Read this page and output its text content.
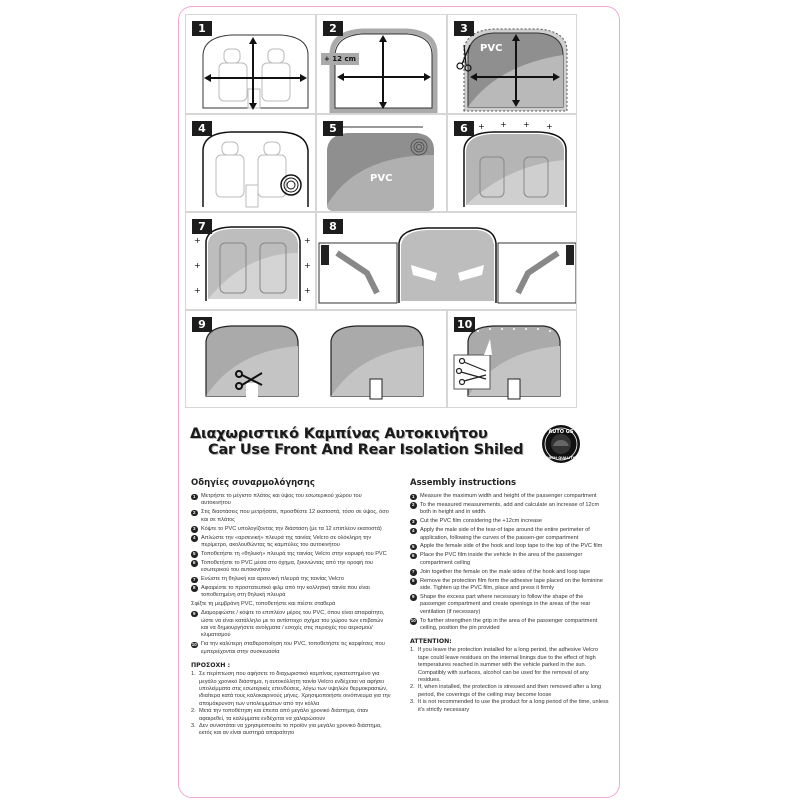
1	2
+ 12 cm
3
PVC
4	5
PVC
+ + + +
6
+
+
+
+
+
+
7	8
9	10
Διαχωριστικό Καμπίνας Αυτοκινήτου
Car Use Front And Rear Isolation Shiled
AUTO GS
HIGH QUALITY
Οδηγίες συναρμολόγησης
1 Μετρήστε το μέγιστο πλάτος και ύψος του εσωτερικού χώρου του αυτοκινήτου
2 Στις διαστάσεις που μετρήσατε, προσθέστε 12 εκατοστά, τόσο σε ύψος, όσο και σε πλάτος
3 Κόψτε το PVC υπολογίζοντας την διάσταση (με τα 12 επιπλέον εκατοστά)
4 Απλώστε την «αρσενική» πλευρά της ταινίας Velcro σε ολόκληρη την περίμετρο, ακολουθώντας τις καμπύλες του αυτοκινήτου
5 Τοποθετήστε τη «θηλυκή» πλευρά της ταινίας Velcro στην κορυφή του PVC
6 Τοποθετήστε το PVC μέσα στο όχημα, ξεκινώντας από την οροφή του εσωτερικού του αυτοκινήτου
7 Ενώστε τη θηλυκή και αρσενική πλευρά της ταινίας Velcro
8 Αφαιρέστε το προστατευτικό φιλμ από την κολλητική ταινία που είναι τοποθετημένη στη θηλυκή πλευρά
Σφίξτε τη μεμβράνη PVC, τοποθετήστε και πιέστε σταθερά
9 Διαμορφώστε / κόψτε το επιπλέον μέρος του PVC, όπου είναι απαραίτητο, ώστε να είναι κατάλληλο με το αντίστοιχο σχήμα του χώρου των επιβατών και να δημιουργήσετε ανοίγματα / εσοχές στις περιοχές του αερισμού/κλιματισμού
10 Για την καλύτερη σταθεροποίηση του PVC, τοποθετήστε τις καρφίτσες που εμπεριέχονται στην συσκευασία
ΠΡΟΣΟΧΗ :
1. Σε περίπτωση που αφήσετε το διαχωριστικό καμπίνας εγκατεστημένο για μεγάλο χρονικό διάστημα, η αυτοκόλλητη ταινία Velcro ενδέχεται να αφήσει υπολείμματα στις εσωτερικές επενδύσεις, λόγω των υψηλών θερμοκρασιών, ιδιαίτερα κατά τους καλοκαιρινούς μήνες. Χρησιμοποιήστε οινόπνευμα για την απομάκρυνση των υπολειμμάτων από την κόλλα
2. Μετά την τοποθέτηση και έπειτα από μεγάλο χρονικό διάστημα, όταν αφαιρεθεί, τα καλύμματα ενδέχεται να χαλαρώσουν
3. Δεν συνιστάται να χρησιμοποιείτε το προϊόν για μεγάλο χρονικό διάστημα, εκτός και αν είναι αυστηρά απαραίτητο
Assembly instructions
1 Measure the maximum width and height of the passenger compartment
2 To the measured measurements, add and calculate an increase of 12cm both in height and in width.
3 Cut the PVC film considering the +12cm increase
4 Apply the male side of the tear-of tape around the entire perimeter of application, following the curves of the passen-ger compartment
5 Apple the female side of the hook and loop tape to the top of the PVC film
6 Place the PVC film inside the vehicle in the area of the passenger compartment ceiling
7 Join together the female on the male sides of the hook and loop tape
8 Remove the protection film form the adhesive tape placed on the feminine side. Tighten up the PVC film, place and press it firmly
9 Shape the excess part where necessary to follow the shape of the passenger compartment and create openings in the areas of the rear ventilation (if necessary)
10 To further strengthen the grip in the area of the passenger compartment ceiling, position the pin provided
ATTENTION:
1. If you leave the protection installed for a long period, the adhesive Velcro tape could leave residues on the internal linings due to the effect of high temperatures reached in summer with the vehicle parked in the sun. Compatibly with surfaces, alcohol can be used for the removal of any residues.
2. If, when installed, the protection is stressed and then removed after a long period, the coverings of the ceiling may become loose
3. It is not recommended to use the product for a long period of the time, unless it's strictly necessary
